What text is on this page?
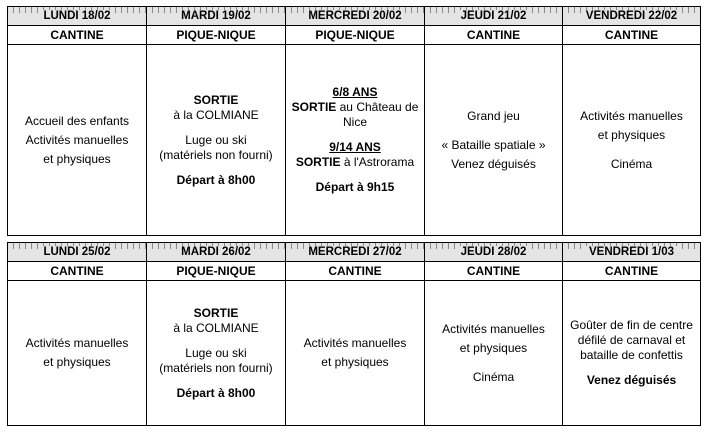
LUNDI 18/02
CANTINE
Accueil des enfants
Activités manuelles
et physiques
MARDI 19/02
PIQUE-NIQUE
SORTIE
à la COLMIANE
Luge ou ski
(matériels non fourni)
Départ à 8h00
MERCREDI 20/02
PIQUE-NIQUE
6/8 ANS
SORTIE au Château de Nice
9/14 ANS
SORTIE à l'Astrorama
Départ à 9h15
JEUDI 21/02
CANTINE
Grand jeu
« Bataille spatiale »
Venez déguisés
VENDREDI 22/02
CANTINE
Activités manuelles
et physiques
Cinéma
LUNDI 25/02
CANTINE
Activités manuelles
et physiques
MARDI 26/02
PIQUE-NIQUE
SORTIE
à la COLMIANE
Luge ou ski
(matériels non fourni)
Départ à 8h00
MERCREDI 27/02
CANTINE
Activités manuelles
et physiques
JEUDI 28/02
CANTINE
Activités manuelles
et physiques
Cinéma
VENDREDI 1/03
CANTINE
Goûter de fin de centre
défilé de carnaval et
bataille de confettis
Venez déguisés
